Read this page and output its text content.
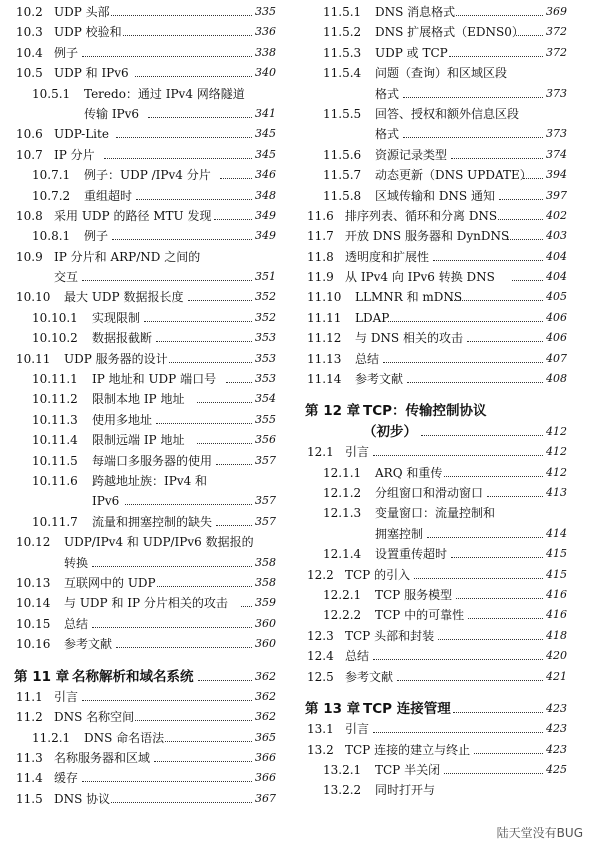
10.2 UDP 头部	335
10.3 UDP 校验和	336
10.4 例子	338
10.5 UDP 和 IPv6	340
10.5.1 Teredo：通过 IPv4 网络隧道
传输 IPv6	341
10.6 UDP-Lite	345
10.7 IP 分片	345
10.7.1 例子：UDP /IPv4 分片	346
10.7.2 重组超时	348
10.8 采用 UDP 的路径 MTU 发现	349
10.8.1 例子	349
10.9 IP 分片和 ARP/ND 之间的
交互	351
10.10 最大 UDP 数据报长度	352
10.10.1 实现限制	352
10.10.2 数据报截断	353
10.11 UDP 服务器的设计	353
10.11.1 IP 地址和 UDP 端口号	353
10.11.2 限制本地 IP 地址	354
10.11.3 使用多地址	355
10.11.4 限制远端 IP 地址	356
10.11.5 每端口多服务器的使用	357
10.11.6 跨越地址族：IPv4 和
IPv6	357
10.11.7 流量和拥塞控制的缺失	357
10.12 UDP/IPv4 和 UDP/IPv6 数据报的
转换	358
10.13 互联网中的 UDP	358
10.14 与 UDP 和 IP 分片相关的攻击 359
10.15 总结	360
10.16 参考文献	360
第 11 章 名称解析和域名系统	362
11.1 引言	362
11.2 DNS 名称空间	362
11.2.1 DNS 命名语法	365
11.3 名称服务器和区域	366
11.4 缓存	366
11.5 DNS 协议	367
11.5.1 DNS 消息格式	369
11.5.2 DNS 扩展格式（EDNS0） 372
11.5.3 UDP 或 TCP	372
11.5.4 问题（查询）和区域区段
格式	373
11.5.5 回答、授权和额外信息区段
格式	373
11.5.6 资源记录类型	374
11.5.7 动态更新（DNS UPDATE） 394
11.5.8 区域传输和 DNS 通知	397
11.6 排序列表、循环和分离 DNS	402
11.7 开放 DNS 服务器和 DynDNS	403
11.8 透明度和扩展性	404
11.9 从 IPv4 向 IPv6 转换 DNS	404
11.10 LLMNR 和 mDNS	405
11.11 LDAP	406
11.12 与 DNS 相关的攻击	406
11.13 总结	407
11.14 参考文献	408
第 12 章 TCP：传输控制协议
（初步）	412
12.1 引言	412
12.1.1 ARQ 和重传	412
12.1.2 分组窗口和滑动窗口	413
12.1.3 变量窗口：流量控制和
拥塞控制	414
12.1.4 设置重传超时	415
12.2 TCP 的引入	415
12.2.1 TCP 服务模型	416
12.2.2 TCP 中的可靠性	416
12.3 TCP 头部和封装	418
12.4 总结	420
12.5 参考文献	421
第 13 章 TCP 连接管理	423
13.1 引言	423
13.2 TCP 连接的建立与终止	423
13.2.1 TCP 半关闭	425
13.2.2 同时打开与
陆天堂没有BUG
